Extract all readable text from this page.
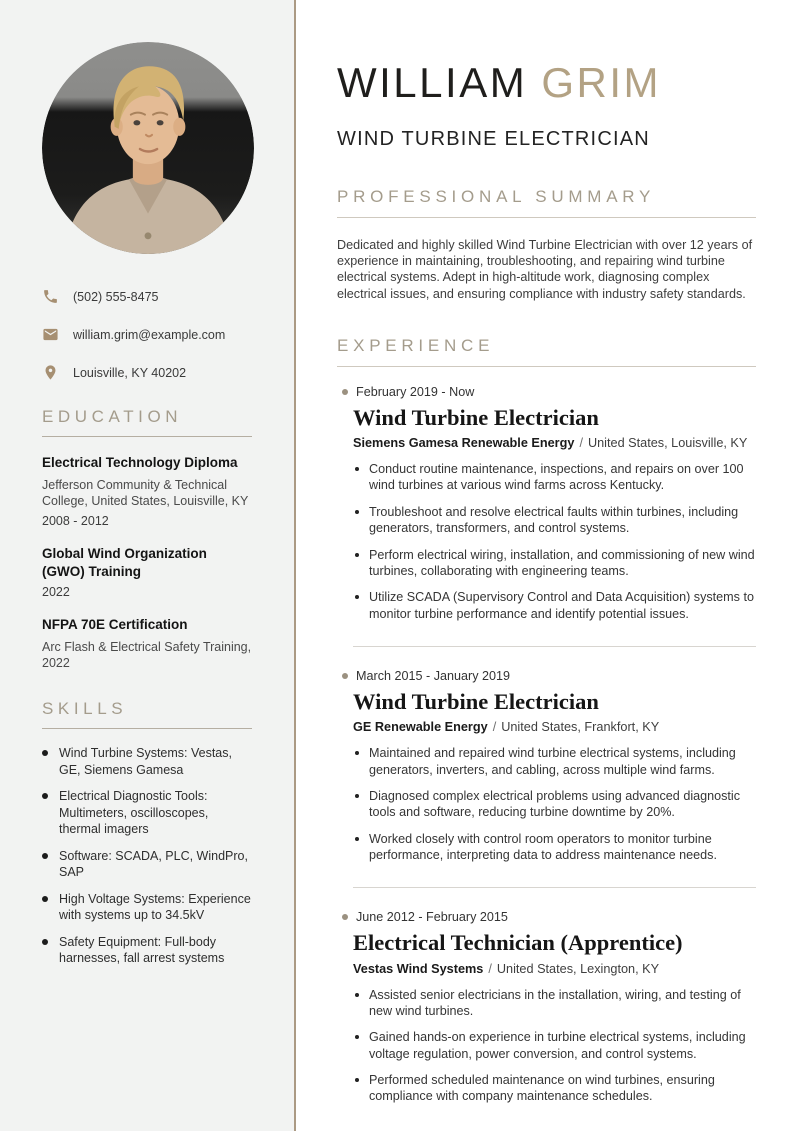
(502) 555-8475
william.grim@example.com
Louisville, KY 40202
EDUCATION
Electrical Technology Diploma
Jefferson Community & Technical College, United States, Louisville, KY
2008 - 2012
Global Wind Organization (GWO) Training
2022
NFPA 70E Certification
Arc Flash & Electrical Safety Training, 2022
SKILLS
Wind Turbine Systems: Vestas, GE, Siemens Gamesa
Electrical Diagnostic Tools: Multimeters, oscilloscopes, thermal imagers
Software: SCADA, PLC, WindPro, SAP
High Voltage Systems: Experience with systems up to 34.5kV
Safety Equipment: Full-body harnesses, fall arrest systems
WILLIAM GRIM
WIND TURBINE ELECTRICIAN
PROFESSIONAL SUMMARY

Dedicated and highly skilled Wind Turbine Electrician with over 12 years of experience in maintaining, troubleshooting, and repairing wind turbine electrical systems. Adept in high-altitude work, diagnosing complex electrical issues, and ensuring compliance with industry safety standards.

EXPERIENCE
February 2019 - Now
Wind Turbine Electrician
Siemens Gamesa Renewable Energy / United States, Louisville, KY
Conduct routine maintenance, inspections, and repairs on over 100 wind turbines at various wind farms across Kentucky.
Troubleshoot and resolve electrical faults within turbines, including generators, transformers, and control systems.
Perform electrical wiring, installation, and commissioning of new wind turbines, collaborating with engineering teams.
Utilize SCADA (Supervisory Control and Data Acquisition) systems to monitor turbine performance and identify potential issues.
March 2015 - January 2019
Wind Turbine Electrician
GE Renewable Energy / United States, Frankfort, KY
Maintained and repaired wind turbine electrical systems, including generators, inverters, and cabling, across multiple wind farms.
Diagnosed complex electrical problems using advanced diagnostic tools and software, reducing turbine downtime by 20%.
Worked closely with control room operators to monitor turbine performance, interpreting data to address maintenance needs.
June 2012 - February 2015
Electrical Technician (Apprentice)
Vestas Wind Systems / United States, Lexington, KY
Assisted senior electricians in the installation, wiring, and testing of new wind turbines.
Gained hands-on experience in turbine electrical systems, including voltage regulation, power conversion, and control systems.
Performed scheduled maintenance on wind turbines, ensuring compliance with company maintenance schedules.
